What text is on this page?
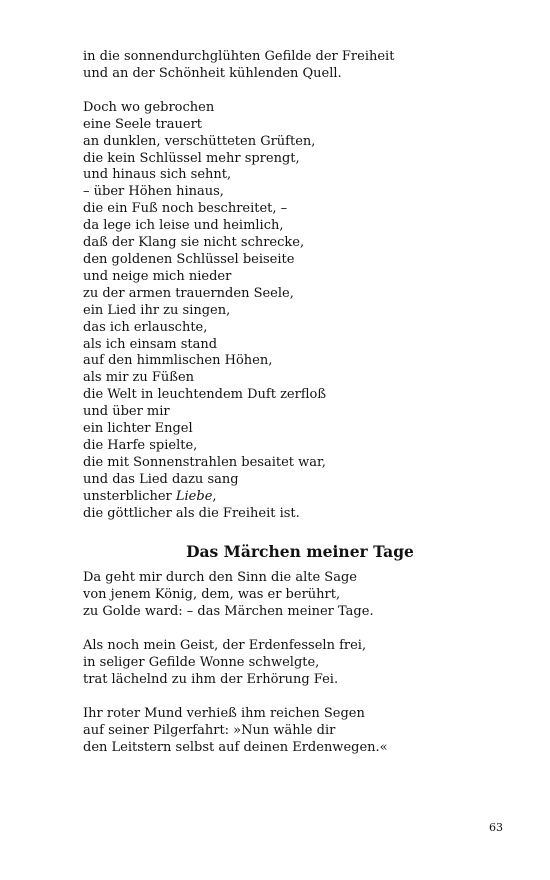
in die sonnendurchglühten Gefilde der Freiheit
und an der Schönheit kühlenden Quell.
Doch wo gebrochen
eine Seele trauert
an dunklen, verschütteten Grüften,
die kein Schlüssel mehr sprengt,
und hinaus sich sehnt,
– über Höhen hinaus,
die ein Fuß noch beschreitet, –
da lege ich leise und heimlich,
daß der Klang sie nicht schrecke,
den goldenen Schlüssel beiseite
und neige mich nieder
zu der armen trauernden Seele,
ein Lied ihr zu singen,
das ich erlauschte,
als ich einsam stand
auf den himmlischen Höhen,
als mir zu Füßen
die Welt in leuchtendem Duft zerfloß
und über mir
ein lichter Engel
die Harfe spielte,
die mit Sonnenstrahlen besaitet war,
und das Lied dazu sang
unsterblicher Liebe,
die göttlicher als die Freiheit ist.
Das Märchen meiner Tage
Da geht mir durch den Sinn die alte Sage
von jenem König, dem, was er berührt,
zu Golde ward: – das Märchen meiner Tage.
Als noch mein Geist, der Erdenfesseln frei,
in seliger Gefilde Wonne schwelgte,
trat lächelnd zu ihm der Erhörung Fei.
Ihr roter Mund verhieß ihm reichen Segen
auf seiner Pilgerfahrt: »Nun wähle dir
den Leitstern selbst auf deinen Erdenwegen.«
63
